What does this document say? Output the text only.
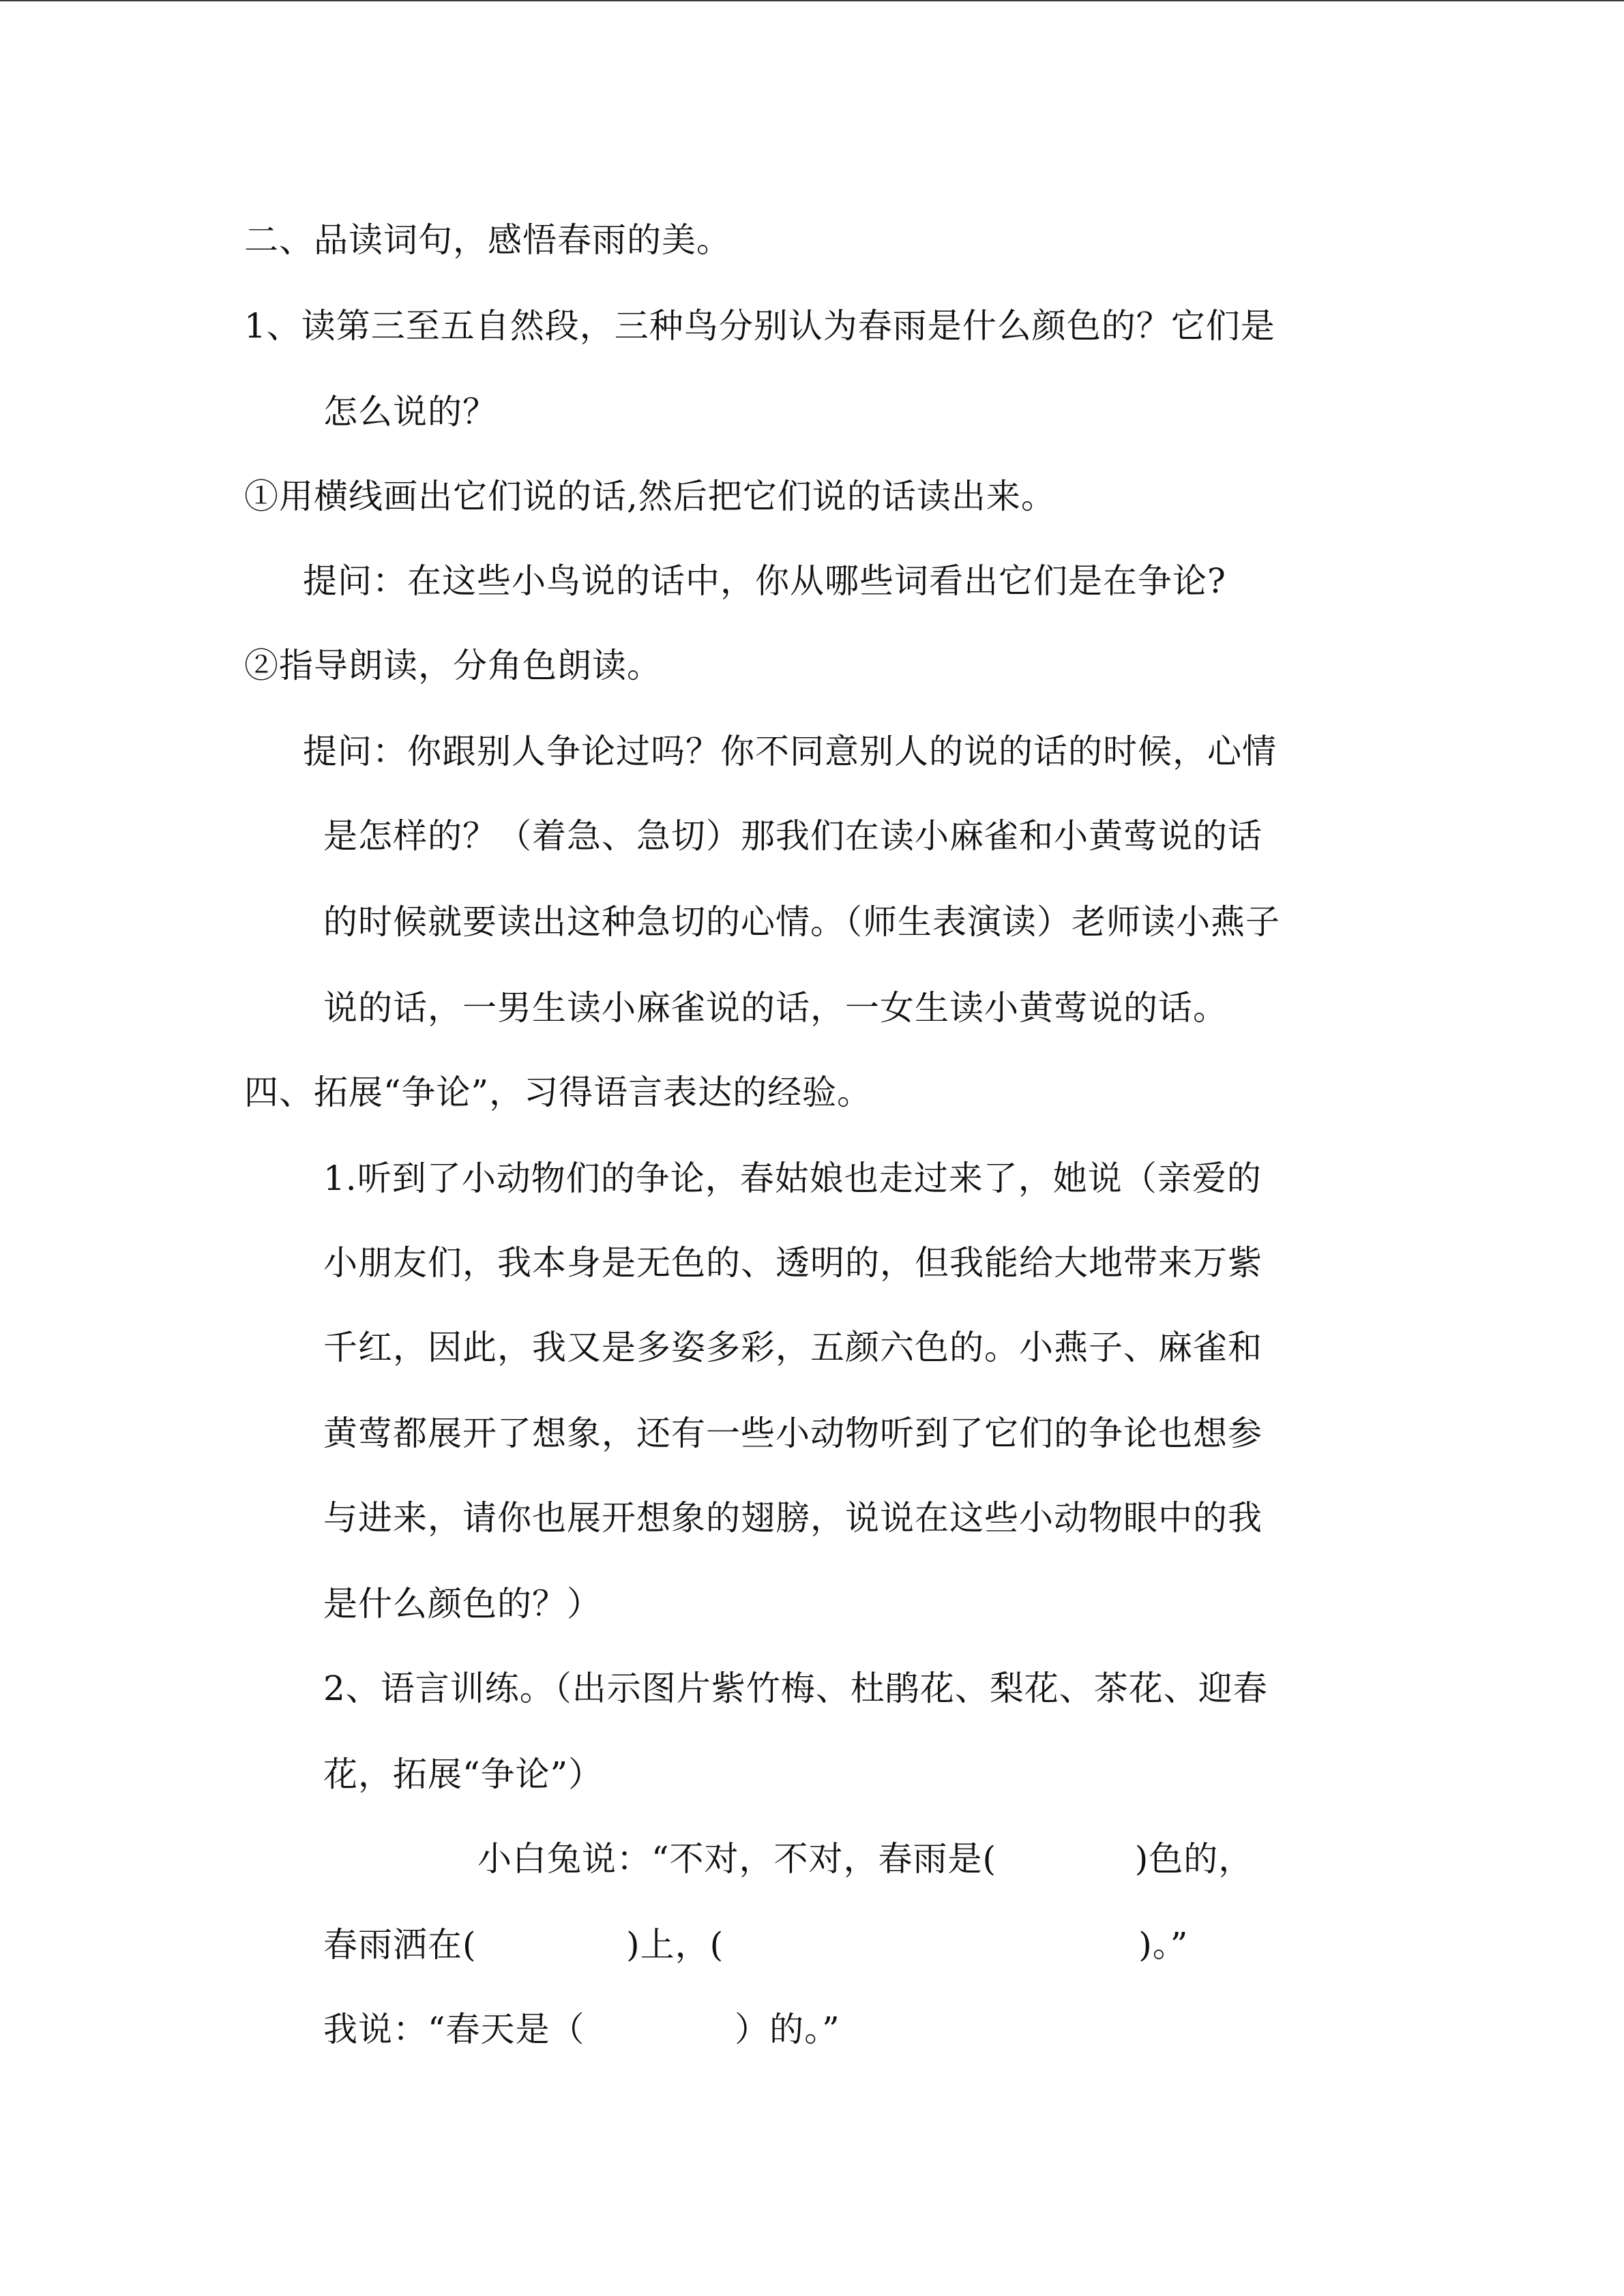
二、品读词句，感悟春雨的美。
1、读第三至五自然段，三种鸟分别认为春雨是什么颜色的？它们是
怎么说的？
①用横线画出它们说的话,然后把它们说的话读出来。
提问：在这些小鸟说的话中，你从哪些词看出它们是在争论?
②指导朗读，分角色朗读。
提问：你跟别人争论过吗？你不同意别人的说的话的时候，心情
是怎样的？（着急、急切）那我们在读小麻雀和小黄莺说的话
的时候就要读出这种急切的心情。（师生表演读）老师读小燕子
说的话，一男生读小麻雀说的话，一女生读小黄莺说的话。
四、拓展“争论”，习得语言表达的经验。
1.听到了小动物们的争论，春姑娘也走过来了，她说（亲爱的
小朋友们，我本身是无色的、透明的，但我能给大地带来万紫
千红，因此，我又是多姿多彩，五颜六色的。小燕子、麻雀和
黄莺都展开了想象，还有一些小动物听到了它们的争论也想参
与进来，请你也展开想象的翅膀，说说在这些小动物眼中的我
是什么颜色的？）
2、语言训练。（出示图片紫竹梅、杜鹃花、梨花、茶花、迎春
花，拓展“争论”）
小白兔说：“不对，不对，春雨是(            )色的，
春雨洒在(             )上，(                                    )。”
我说：“春天是（             ）的。”
